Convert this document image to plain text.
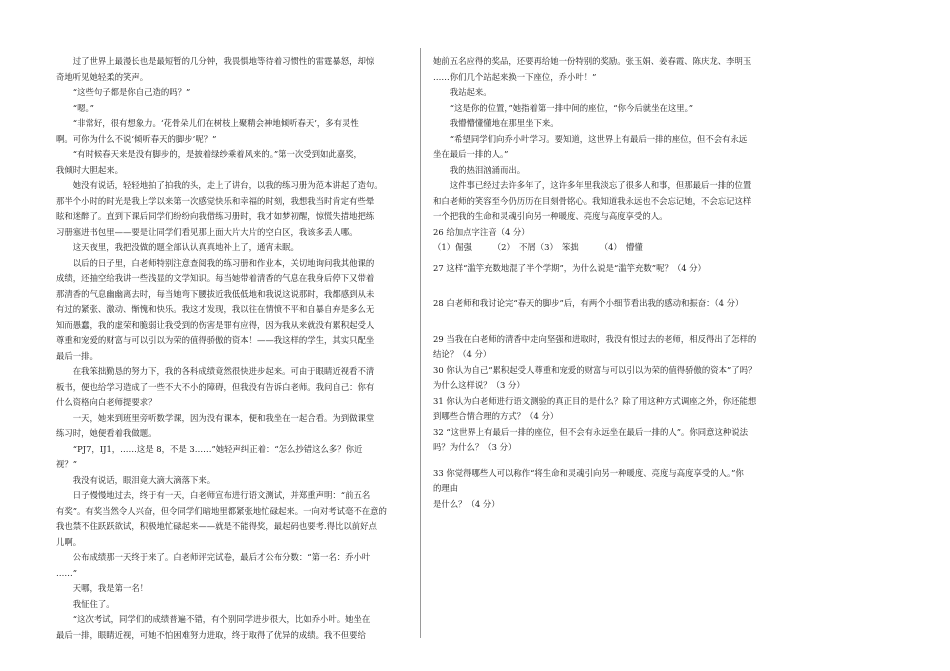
过了世界上最漫长也是最短暂的几分钟，我畏惧地等待着习惯性的雷霆暴怒，却惊

奇地听见她轻柔的笑声。

“这些句子都是你自己造的吗？”

“嗯。”

“非常好，很有想象力。‘花骨朵儿们在树枝上聚精会神地倾听春天’，多有灵性

啊。可你为什么不说‘倾听春天的脚步’呢？”

“有时候春天来是没有脚步的，是披着绿纱乘着风来的。”第一次受到如此嘉奖，

我倾时大胆起来。

她没有说话，轻轻地拍了拍我的头，走上了讲台，以我的练习册为范本讲起了造句。

那半个小时的时光是我上学以来第一次感觉快乐和幸福的时刻，我想我当时肯定有些晕

眩和迷醉了。直到下课后同学们纷纷向我借练习册时，我才如梦初醒，惊慌失措地把练

习册塞进书包里——要是让同学们看见那上面大片大片的空白区，我该多丢人哪。

这天夜里，我把没做的题全部认认真真地补上了，通宵未眠。

以后的日子里，白老师特别注意查阅我的练习册和作业本，关切地询问我其他课的

成绩，还抽空给我讲一些浅显的文学知识。每当她带着清香的气息在我身后停下又带着

那清香的气息幽幽离去时，每当她弯下腰拔近我低低地和我说这说那时，我都感到从未

有过的紧张、激动、惭愧和快乐。我这才发现，我以往在情愤不平和自暴自弃是多么无

知而愚蠢，我的虚荣和脆弱让我受到的伤害是罪有应得，因为我从来就没有累积起受人

尊重和宠爱的财富与可以引以为荣的值得骄傲的资本！——我这样的学生，其实只配坐

最后一排。

在我笨拙勤恳的努力下，我的各科成绩竟然很快进步起来。可由于眼睛近视看不清

板书，便也给学习造成了一些不大不小的障碍，但我没有告诉白老师。我问自己：你有

什么资格向白老师提要求？

一天，她来到班里旁听数学课，因为没有课本，便和我坐在一起合看。为到做课堂

练习时，她便看着我做题。

“PJ7，IJ1，……这是 8，不是 3……”她轻声纠正着：“怎么抄错这么多？你近

视？”

我没有说话，眼泪竟大滴大滴落下来。

日子慢慢地过去，终于有一天，白老师宣布进行语文测试，并郑重声明：“前五名

有奖”。有奖当然令人兴奋，但令同学们暗地里都紧张地忙碌起来。一向对考试毫不在意的

我也禁不住跃跃欲试，积极地忙碌起来——就是不能得奖，最起码也要考.得比以前好点

儿啊。

公布成绩那一天终于来了。白老师评完试卷，最后才公布分数：“第一名：乔小叶

……”

天哪，我是第一名！

我怔住了。

“这次考试，同学们的成绩普遍不错，有个别同学进步很大，比如乔小叶。她坐在

最后一排，眼睛近视，可她不怕困难努力进取，终于取得了优异的成绩。我不但要给

她前五名应得的奖品，还要再给她一份特别的奖励。张玉娟、姜春霞、陈庆龙、李明玉

……你们几个站起来换一下座位，乔小叶！”

我站起来。

“这是你的位置，”她指着第一排中间的座位，“你今后就坐在这里。”

我懵懵懂懂地在那里坐下来。

“希望同学们向乔小叶学习。要知道，这世界上有最后一排的座位，但不会有永远

坐在最后一排的人。”

我的热泪汹涌而出。

这件事已经过去许多年了，这许多年里我淡忘了很多人和事，但那最后一排的位置

和白老师的笑容至今仍历历在目刻骨铭心。我知道我永远也不会忘记她，不会忘记这样

一个把我的生命和灵魂引向另一种暖度、亮度与高度享受的人。

26 给加点字注音（4 分）

（1）倔强　　　（2）　不屑（3）　笨拙　　　（4）　懵懂

27 这样“滥竽充数地混了半个学期”，为什么说是“滥竽充数”呢？（4 分）

28 白老师和我讨论完“春天的脚步”后，有两个小细节看出我的感动和振奋：（4 分）

29 当我在白老师的清香中走向坚强和进取时，我没有恨过去的老师，相反得出了怎样的

结论？（4 分）

30 你认为自己“累积起受人尊重和宠爱的财富与可以引以为荣的值得骄傲的资本”了吗？

为什么这样说？（3 分）

31 你认为白老师进行语文测验的真正目的是什么？除了用这种方式调座之外，你还能想

到哪些合情合理的方式？（4 分）

32 “这世界上有最后一排的座位，但不会有永远坐在最后一排的人”。你同意这种说法

吗？为什么？（3 分）

33 你觉得哪些人可以称作“将生命和灵魂引向另一种暖度、亮度与高度享受的人。”你

的理由

是什么？（4 分）
